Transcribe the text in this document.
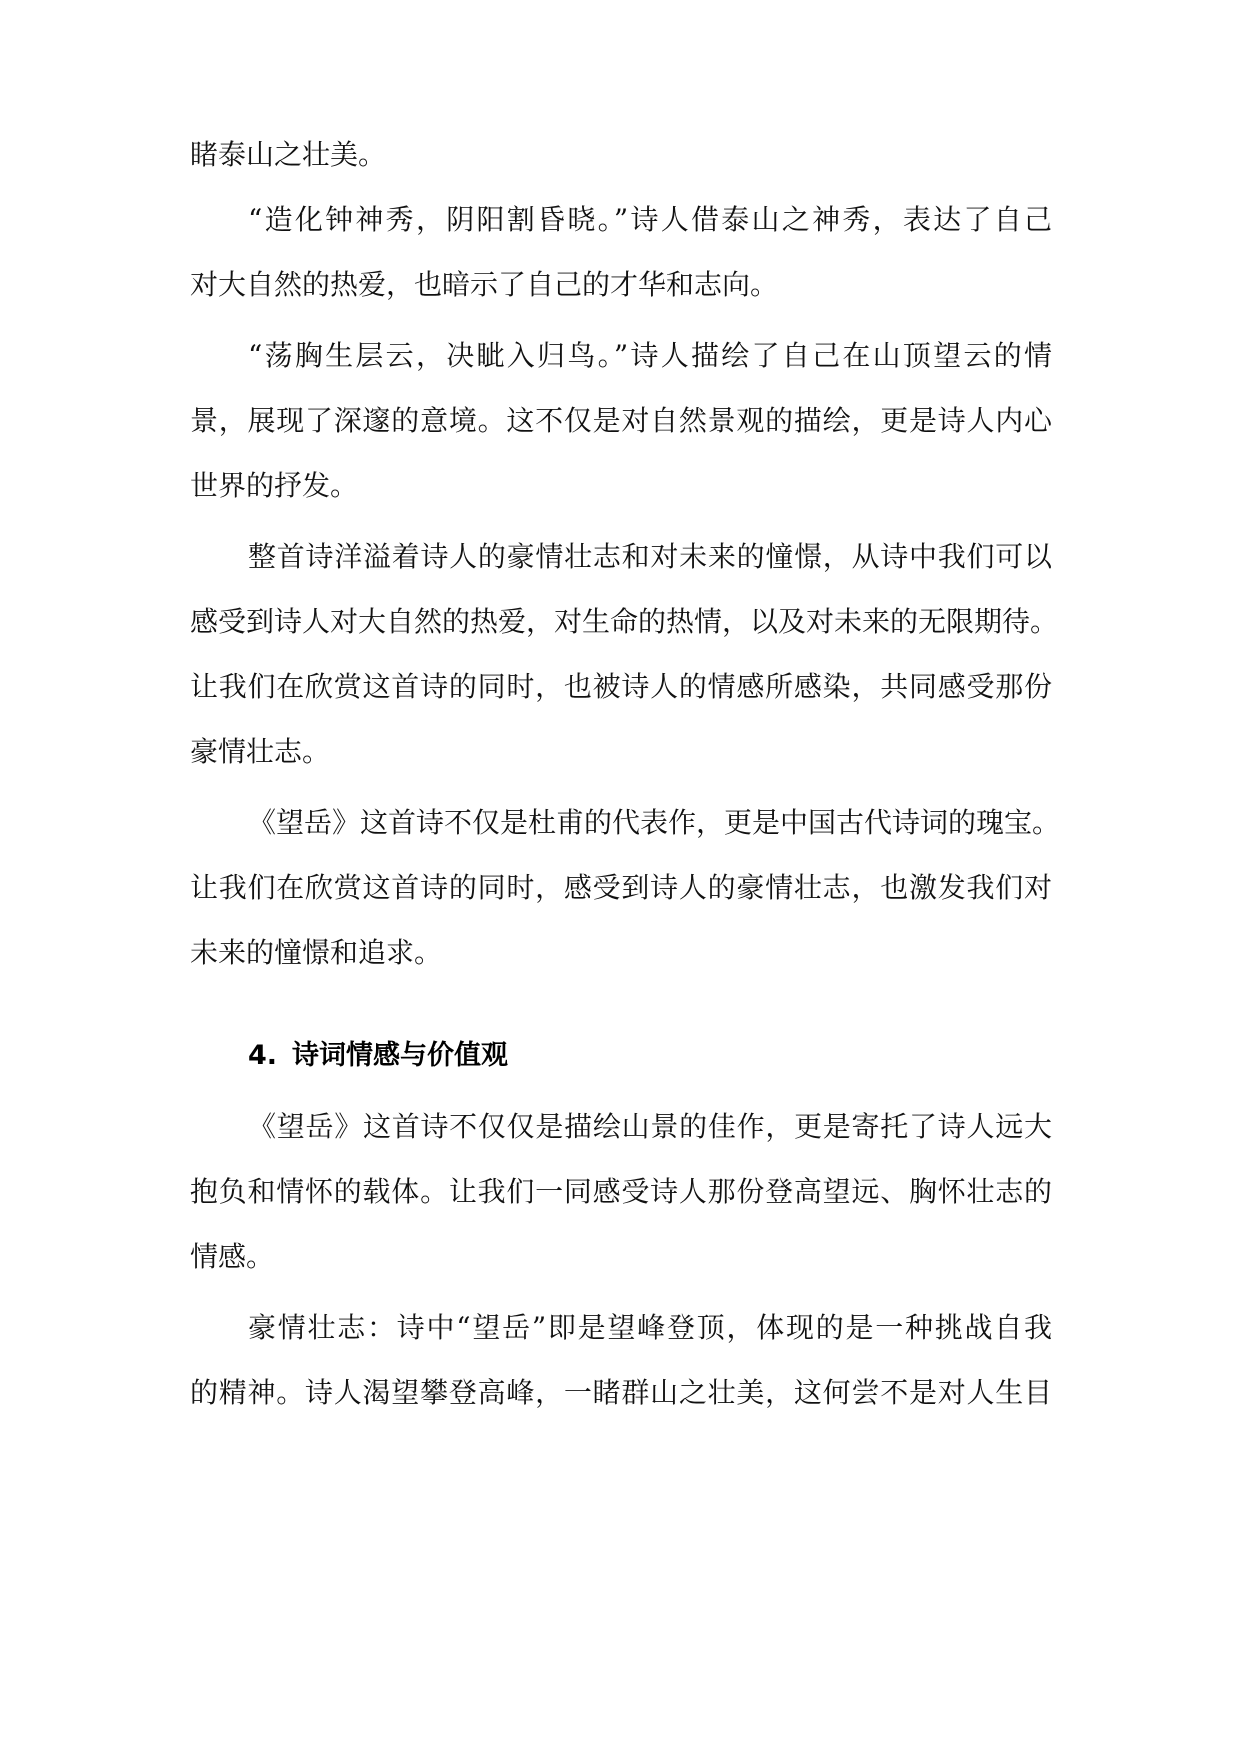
睹泰山之壮美。
“造化钟神秀，阴阳割昏晓。”诗人借泰山之神秀，表达了自己
对大自然的热爱，也暗示了自己的才华和志向。
“荡胸生层云，决眦入归鸟。”诗人描绘了自己在山顶望云的情
景，展现了深邃的意境。这不仅是对自然景观的描绘，更是诗人内心
世界的抒发。
整首诗洋溢着诗人的豪情壮志和对未来的憧憬，从诗中我们可以
感受到诗人对大自然的热爱，对生命的热情，以及对未来的无限期待。
让我们在欣赏这首诗的同时，也被诗人的情感所感染，共同感受那份
豪情壮志。
《望岳》这首诗不仅是杜甫的代表作，更是中国古代诗词的瑰宝。
让我们在欣赏这首诗的同时，感受到诗人的豪情壮志，也激发我们对
未来的憧憬和追求。
4. 诗词情感与价值观
《望岳》这首诗不仅仅是描绘山景的佳作，更是寄托了诗人远大
抱负和情怀的载体。让我们一同感受诗人那份登高望远、胸怀壮志的
情感。
豪情壮志：诗中“望岳”即是望峰登顶，体现的是一种挑战自我
的精神。诗人渴望攀登高峰，一睹群山之壮美，这何尝不是对人生目
